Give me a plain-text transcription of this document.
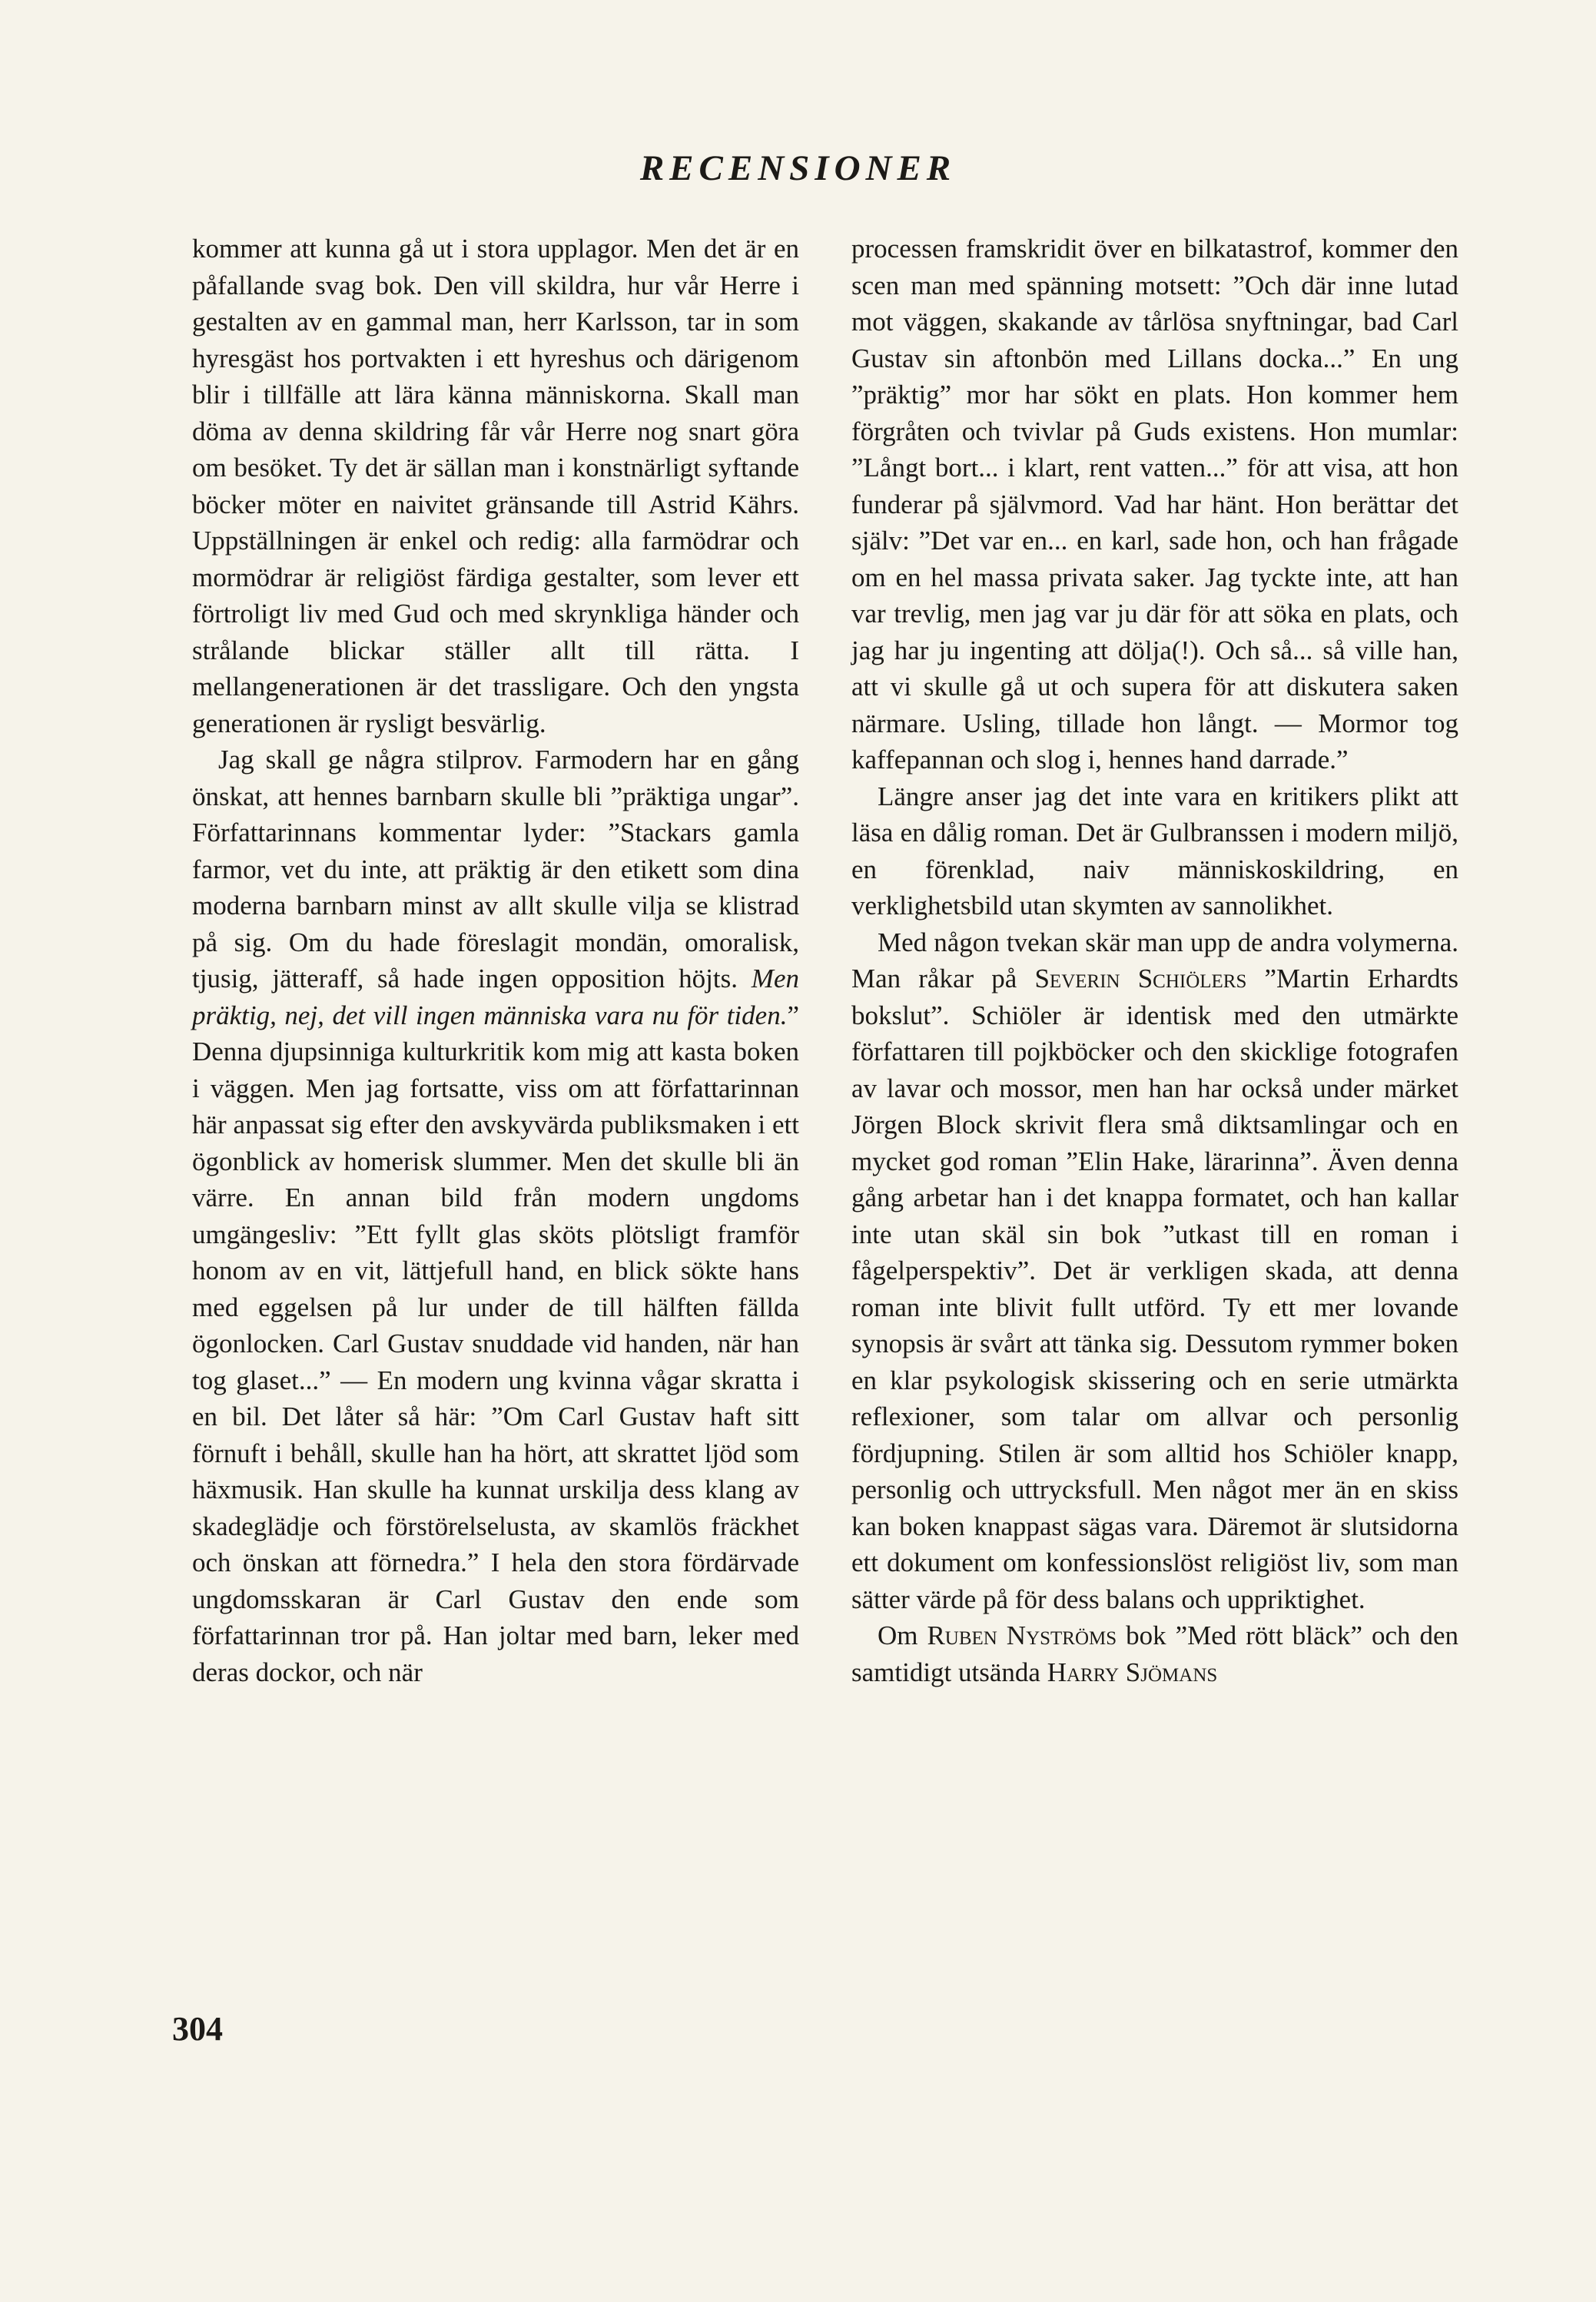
RECENSIONER

kommer att kunna gå ut i stora upplagor. Men det är en påfallande svag bok. Den vill skildra, hur vår Herre i gestalten av en gammal man, herr Karlsson, tar in som hyresgäst hos portvakten i ett hyreshus och därigenom blir i tillfälle att lära känna människorna. Skall man döma av denna skildring får vår Herre nog snart göra om besöket. Ty det är sällan man i konstnärligt syftande böcker möter en naivitet gränsande till Astrid Kährs. Uppställningen är enkel och redig: alla farmödrar och mormödrar är religiöst färdiga gestalter, som lever ett förtroligt liv med Gud och med skrynkliga händer och strålande blickar ställer allt till rätta. I mellangenerationen är det trassligare. Och den yngsta generationen är rysligt besvärlig.

Jag skall ge några stilprov. Farmodern har en gång önskat, att hennes barnbarn skulle bli ”präktiga ungar”. Författarinnans kommentar lyder: ”Stackars gamla farmor, vet du inte, att präktig är den etikett som dina moderna barnbarn minst av allt skulle vilja se klistrad på sig. Om du hade föreslagit mondän, omoralisk, tjusig, jätteraff, så hade ingen opposition höjts. Men präktig, nej, det vill ingen människa vara nu för tiden.” Denna djupsinniga kulturkritik kom mig att kasta boken i väggen. Men jag fortsatte, viss om att författarinnan här anpassat sig efter den avskyvärda publiksmaken i ett ögonblick av homerisk slummer. Men det skulle bli än värre. En annan bild från modern ungdoms umgängesliv: ”Ett fyllt glas sköts plötsligt framför honom av en vit, lättjefull hand, en blick sökte hans med eggelsen på lur under de till hälften fällda ögonlocken. Carl Gustav snuddade vid handen, när han tog glaset...” — En modern ung kvinna vågar skratta i en bil. Det låter så här: ”Om Carl Gustav haft sitt förnuft i behåll, skulle han ha hört, att skrattet ljöd som häxmusik. Han skulle ha kunnat urskilja dess klang av skadeglädje och förstörelselusta, av skamlös fräckhet och önskan att förnedra.” I hela den stora fördärvade ungdomsskaran är Carl Gustav den ende som författarinnan tror på. Han joltar med barn, leker med deras dockor, och när

processen framskridit över en bilkatastrof, kommer den scen man med spänning motsett: ”Och där inne lutad mot väggen, skakande av tårlösa snyftningar, bad Carl Gustav sin aftonbön med Lillans docka...” En ung ”präktig” mor har sökt en plats. Hon kommer hem förgråten och tvivlar på Guds existens. Hon mumlar: ”Långt bort... i klart, rent vatten...” för att visa, att hon funderar på självmord. Vad har hänt. Hon berättar det själv: ”Det var en... en karl, sade hon, och han frågade om en hel massa privata saker. Jag tyckte inte, att han var trevlig, men jag var ju där för att söka en plats, och jag har ju ingenting att dölja(!). Och så... så ville han, att vi skulle gå ut och supera för att diskutera saken närmare. Usling, tillade hon långt. — Mormor tog kaffepannan och slog i, hennes hand darrade.”

Längre anser jag det inte vara en kritikers plikt att läsa en dålig roman. Det är Gulbranssen i modern miljö, en förenklad, naiv människoskildring, en verklighetsbild utan skymten av sannolikhet.

Med någon tvekan skär man upp de andra volymerna. Man råkar på Severin Schiölers ”Martin Erhardts bokslut”. Schiöler är identisk med den utmärkte författaren till pojkböcker och den skicklige fotografen av lavar och mossor, men han har också under märket Jörgen Block skrivit flera små diktsamlingar och en mycket god roman ”Elin Hake, lärarinna”. Även denna gång arbetar han i det knappa formatet, och han kallar inte utan skäl sin bok ”utkast till en roman i fågelperspektiv”. Det är verkligen skada, att denna roman inte blivit fullt utförd. Ty ett mer lovande synopsis är svårt att tänka sig. Dessutom rymmer boken en klar psykologisk skissering och en serie utmärkta reflexioner, som talar om allvar och personlig fördjupning. Stilen är som alltid hos Schiöler knapp, personlig och uttrycksfull. Men något mer än en skiss kan boken knappast sägas vara. Däremot är slutsidorna ett dokument om konfessionslöst religiöst liv, som man sätter värde på för dess balans och uppriktighet.

Om Ruben Nyströms bok ”Med rött bläck” och den samtidigt utsända Harry Sjömans

304
